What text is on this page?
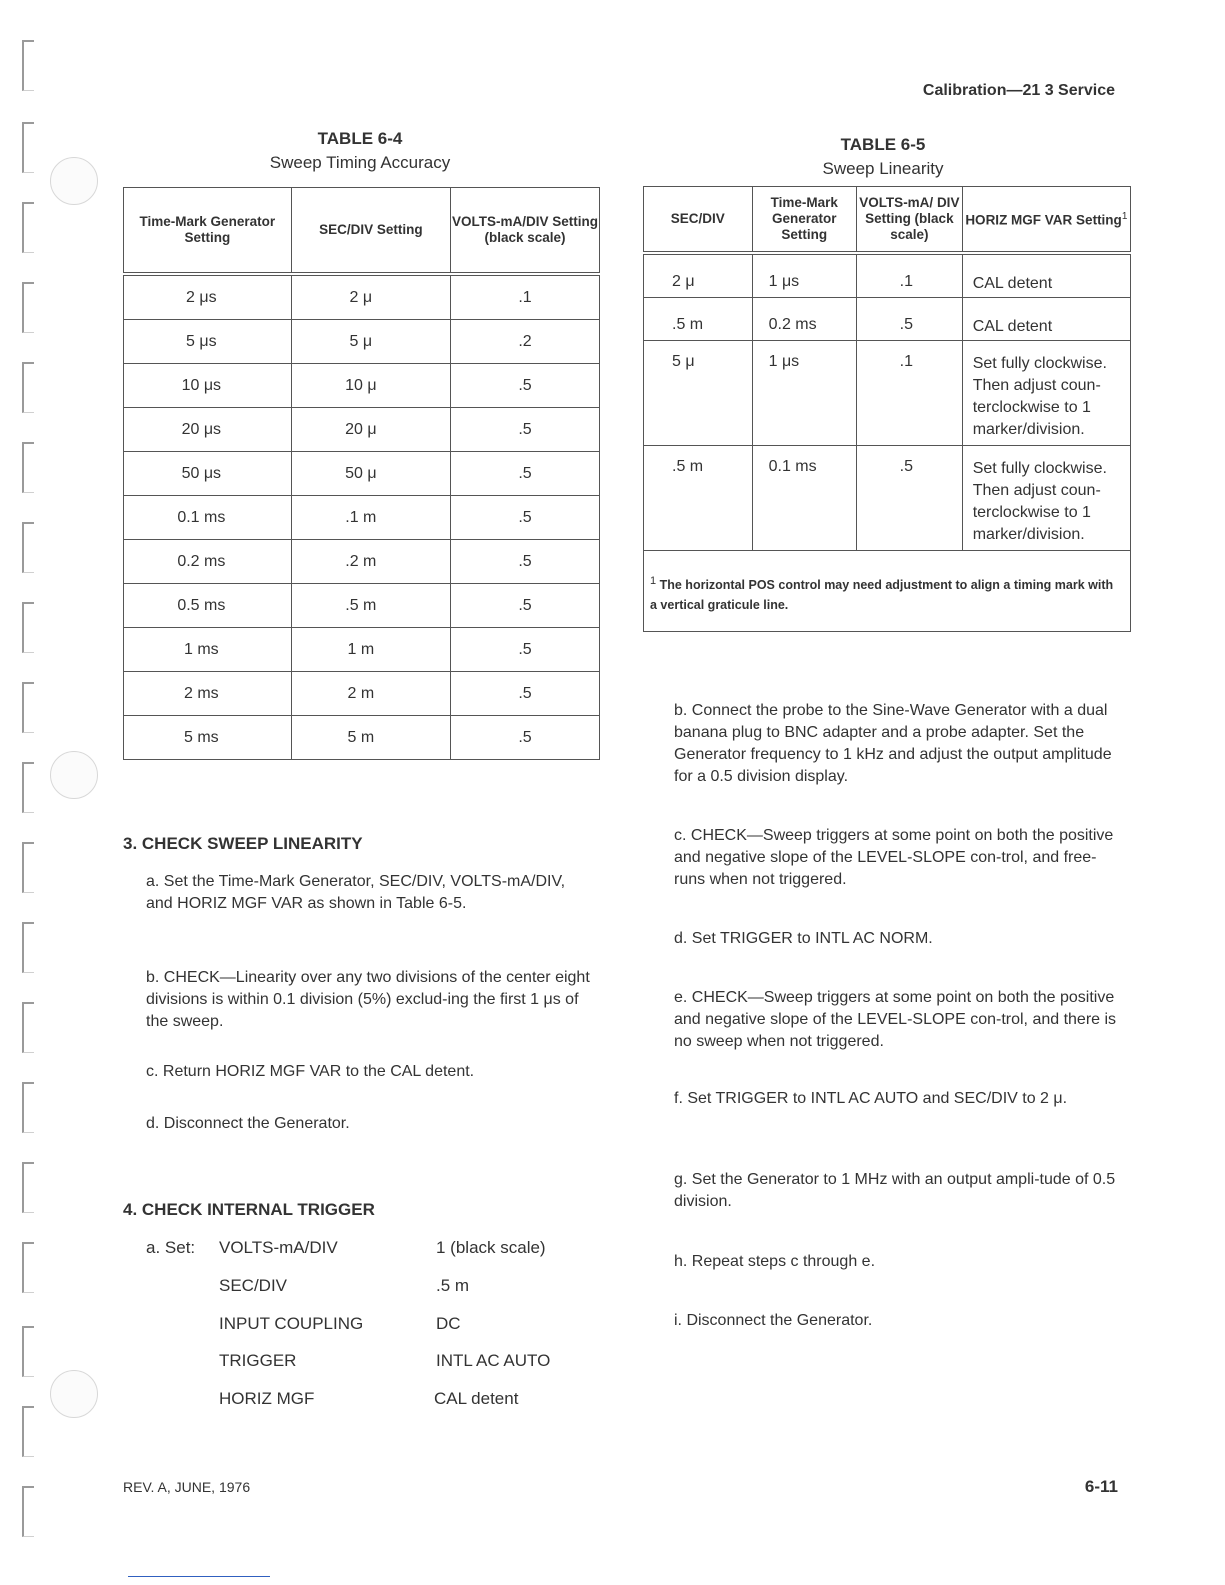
Calibration—21 3 Service
TABLE 6-4
Sweep Timing Accuracy
Time-Mark Generator Setting	SEC/DIV Setting	VOLTS-mA/DIV Setting (black scale)
2 μs	2 μ	.1
5 μs	5 μ	.2
10 μs	10 μ	.5
20 μs	20 μ	.5
50 μs	50 μ	.5
0.1 ms	.1 m	.5
0.2 ms	.2 m	.5
0.5 ms	.5 m	.5
1 ms	1 m	.5
2 ms	2 m	.5
5 ms	5 m	.5
TABLE 6-5
Sweep Linearity
SEC/DIV	Time-Mark Generator Setting	VOLTS-mA/ DIV Setting (black scale)	HORIZ MGF VAR Setting$^1$
2 μ	1 μs	.1	CAL detent
.5 m	0.2 ms	.5	CAL detent
5 μ	1 μs	.1	Set fully clockwise. Then adjust coun-terclockwise to 1 marker/division.
.5 m	0.1 ms	.5	Set fully clockwise. Then adjust coun-terclockwise to 1 marker/division.
$^1$ The horizontal POS control may need adjustment to align a timing mark with a vertical graticule line.			
3. CHECK SWEEP LINEARITY
a. Set the Time-Mark Generator, SEC/DIV, VOLTS-mA/DIV, and HORIZ MGF VAR as shown in Table 6-5.
b. CHECK—Linearity over any two divisions of the center eight divisions is within 0.1 division (5%) exclud-ing the first 1 μs of the sweep.
c. Return HORIZ MGF VAR to the CAL detent.
d. Disconnect the Generator.
4. CHECK INTERNAL TRIGGER
a. Set: VOLTS-mA/DIV	1 (black scale)
SEC/DIV	.5 m
INPUT COUPLING	DC
TRIGGER	INTL AC AUTO
HORIZ MGF	CAL detent
b. Connect the probe to the Sine-Wave Generator with a dual banana plug to BNC adapter and a probe adapter. Set the Generator frequency to 1 kHz and adjust the output amplitude for a 0.5 division display.
c. CHECK—Sweep triggers at some point on both the positive and negative slope of the LEVEL-SLOPE con-trol, and free-runs when not triggered.
d. Set TRIGGER to INTL AC NORM.
e. CHECK—Sweep triggers at some point on both the positive and negative slope of the LEVEL-SLOPE con-trol, and there is no sweep when not triggered.
f. Set TRIGGER to INTL AC AUTO and SEC/DIV to 2 μ.
g. Set the Generator to 1 MHz with an output ampli-tude of 0.5 division.
h. Repeat steps c through e.
i. Disconnect the Generator.
REV. A, JUNE, 1976	6-11
